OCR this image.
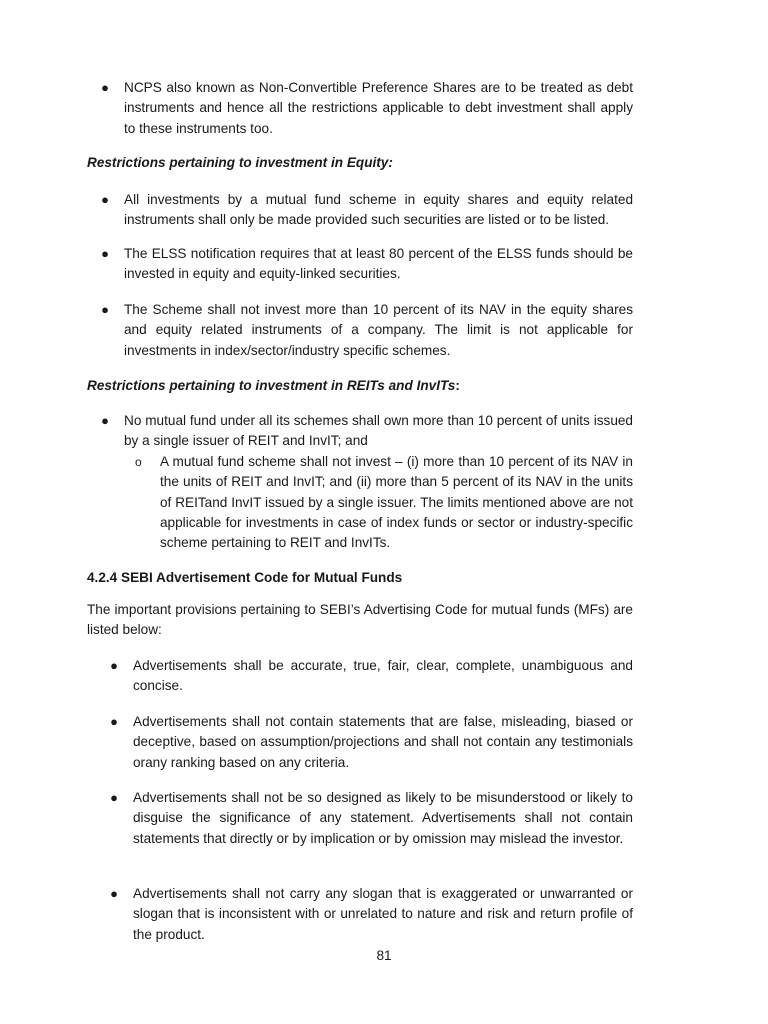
● NCPS also known as Non-Convertible Preference Shares are to be treated as debt instruments and hence all the restrictions applicable to debt investment shall apply to these instruments too.
Restrictions pertaining to investment in Equity:
● All investments by a mutual fund scheme in equity shares and equity related instruments shall only be made provided such securities are listed or to be listed.
● The ELSS notification requires that at least 80 percent of the ELSS funds should be invested in equity and equity-linked securities.
● The Scheme shall not invest more than 10 percent of its NAV in the equity shares and equity related instruments of a company. The limit is not applicable for investments in index/sector/industry specific schemes.
Restrictions pertaining to investment in REITs and InvITs:
● No mutual fund under all its schemes shall own more than 10 percent of units issued by a single issuer of REIT and InvIT; and
o A mutual fund scheme shall not invest – (i) more than 10 percent of its NAV in the units of REIT and InvIT; and (ii) more than 5 percent of its NAV in the units of REITand InvIT issued by a single issuer. The limits mentioned above are not applicable for investments in case of index funds or sector or industry-specific scheme pertaining to REIT and InvITs.
4.2.4 SEBI Advertisement Code for Mutual Funds
The important provisions pertaining to SEBI’s Advertising Code for mutual funds (MFs) are listed below:
● Advertisements shall be accurate, true, fair, clear, complete, unambiguous and concise.
● Advertisements shall not contain statements that are false, misleading, biased or deceptive, based on assumption/projections and shall not contain any testimonials orany ranking based on any criteria.
● Advertisements shall not be so designed as likely to be misunderstood or likely to disguise the significance of any statement. Advertisements shall not contain statements that directly or by implication or by omission may mislead the investor.
● Advertisements shall not carry any slogan that is exaggerated or unwarranted or slogan that is inconsistent with or unrelated to nature and risk and return profile of the product.
81
